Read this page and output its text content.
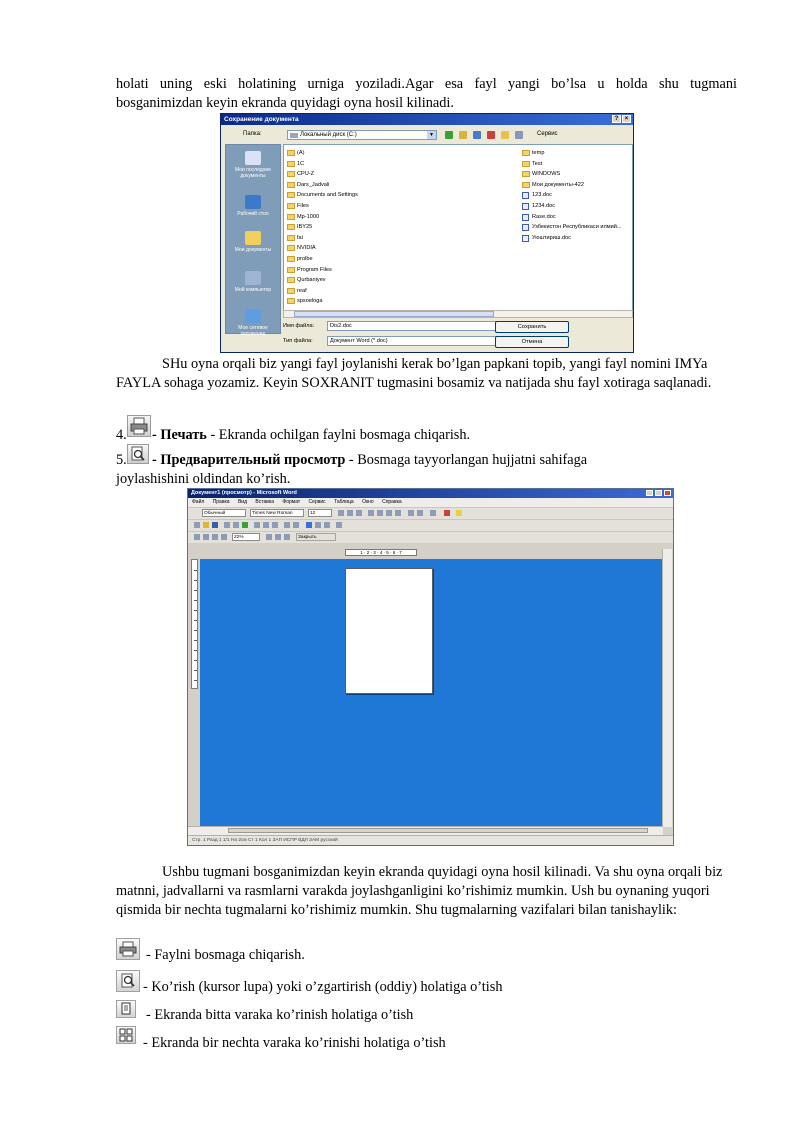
holati uning eski holatining urniga yoziladi.Agar esa fayl yangi bo’lsa u holda shu tugmani

bosganimizdan keyin ekranda quyidagi oyna hosil kilinadi.

Сохранение документа	?	×
Папка:	Локальный диск (C:)	▼	Сервис
Мои последние документы
Рабочий стол
Мои документы
Мой компьютер
Мое сетевое окружение
(A)
1C
CPU-Z
Dars_Jadvali
Documents and Settings
Files
Mp-1000
IBY25
fai
NVIDIA
prolbe
Program Files
Qurbaniyev
reaf
spsoeloga
temp
Test
WINDOWS
Мои документы-422
123.doc
1234.doc
Rase.doc
Узбекистон Республикаси илмий...
Уюштириш.doc
Имя файла:	Dis2.doc
Тип файла:	Документ Word (*.doc)
Сохранить
Отмена

SHu oyna orqali biz yangi fayl joylanishi kerak bo’lgan papkani topib, yangi fayl nomini IMYa FAYLA sohaga yozamiz. Keyin SOXRANIT tugmasini bosamiz va natijada shu fayl xotiraga saqlanadi.

4. - Печать - Ekranda ochilgan faylni bosmaga chiqarish.

5. - Предварительный просмотр - Bosmaga tayyorlangan hujjatni sahifaga

joylashishini oldindan ko’rish.

Документ1 (просмотр) - Microsoft Word
Файл Правка Вид Вставка Формат Сервис Таблица Окно Справка
Обычный	Times New Roman	12
22%	Закрыть
1 · 2 · 3 · 4 · 5 · 6 · 7
Стр. 1 Разд 1 1/1 На 2см Ст 1 Кол 1 ЗАП ИСПР ВДЛ ЗАМ русский

Ushbu tugmani bosganimizdan keyin ekranda quyidagi oyna hosil kilinadi. Va shu oyna orqali biz matnni, jadvallarni va rasmlarni varakda joylashganligini ko’rishimiz mumkin. Ush bu oynaning yuqori qismida bir nechta tugmalarni ko’rishimiz mumkin. Shu tugmalarning vazifalari bilan tanishaylik:

- Faylni bosmaga chiqarish.

- Ko’rish (kursor lupa) yoki o’zgartirish (oddiy) holatiga o’tish

- Ekranda bitta varaka ko’rinish holatiga o’tish

- Ekranda bir nechta varaka ko’rinishi holatiga o’tish
